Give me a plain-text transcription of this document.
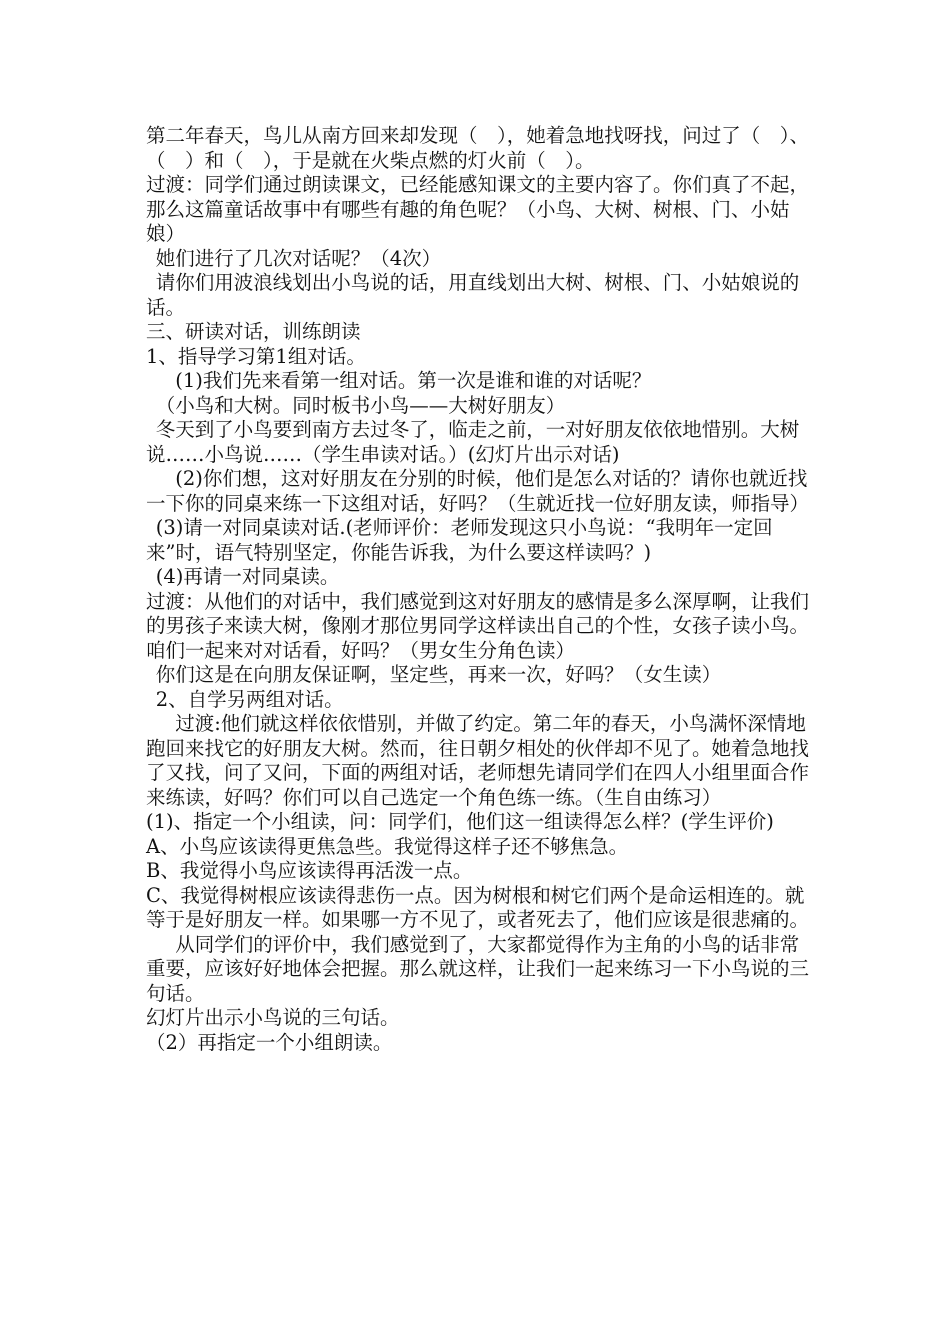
第二年春天，鸟儿从南方回来却发现（　），她着急地找呀找，问过了（　）、（　）和（　），于是就在火柴点燃的灯火前（　）。

过渡：同学们通过朗读课文，已经能感知课文的主要内容了。你们真了不起，那么这篇童话故事中有哪些有趣的角色呢？（小鸟、大树、树根、门、小姑娘）

她们进行了几次对话呢？（4次）

请你们用波浪线划出小鸟说的话，用直线划出大树、树根、门、小姑娘说的话。

三、研读对话，训练朗读

1、指导学习第1组对话。

(1)我们先来看第一组对话。第一次是谁和谁的对话呢？

（小鸟和大树。同时板书小鸟——大树好朋友）

冬天到了小鸟要到南方去过冬了，临走之前，一对好朋友依依地惜别。大树说……小鸟说……（学生串读对话。）(幻灯片出示对话)

(2)你们想，这对好朋友在分别的时候，他们是怎么对话的？请你也就近找一下你的同桌来练一下这组对话，好吗？（生就近找一位好朋友读，师指导）

(3)请一对同桌读对话.(老师评价：老师发现这只小鸟说：“我明年一定回来”时，语气特别坚定，你能告诉我，为什么要这样读吗？)

(4)再请一对同桌读。

过渡：从他们的对话中，我们感觉到这对好朋友的感情是多么深厚啊，让我们的男孩子来读大树，像刚才那位男同学这样读出自己的个性，女孩子读小鸟。咱们一起来对对话看，好吗？（男女生分角色读）

你们这是在向朋友保证啊，坚定些，再来一次，好吗？（女生读）

2、自学另两组对话。

过渡:他们就这样依依惜别，并做了约定。第二年的春天，小鸟满怀深情地跑回来找它的好朋友大树。然而，往日朝夕相处的伙伴却不见了。她着急地找了又找，问了又问，下面的两组对话，老师想先请同学们在四人小组里面合作来练读，好吗？你们可以自己选定一个角色练一练。（生自由练习）

(1)、指定一个小组读，问：同学们，他们这一组读得怎么样？(学生评价)

A、小鸟应该读得更焦急些。我觉得这样子还不够焦急。

B、我觉得小鸟应该读得再活泼一点。

C、我觉得树根应该读得悲伤一点。因为树根和树它们两个是命运相连的。就等于是好朋友一样。如果哪一方不见了，或者死去了，他们应该是很悲痛的。

从同学们的评价中，我们感觉到了，大家都觉得作为主角的小鸟的话非常重要，应该好好地体会把握。那么就这样，让我们一起来练习一下小鸟说的三句话。

幻灯片出示小鸟说的三句话。

（2）再指定一个小组朗读。
